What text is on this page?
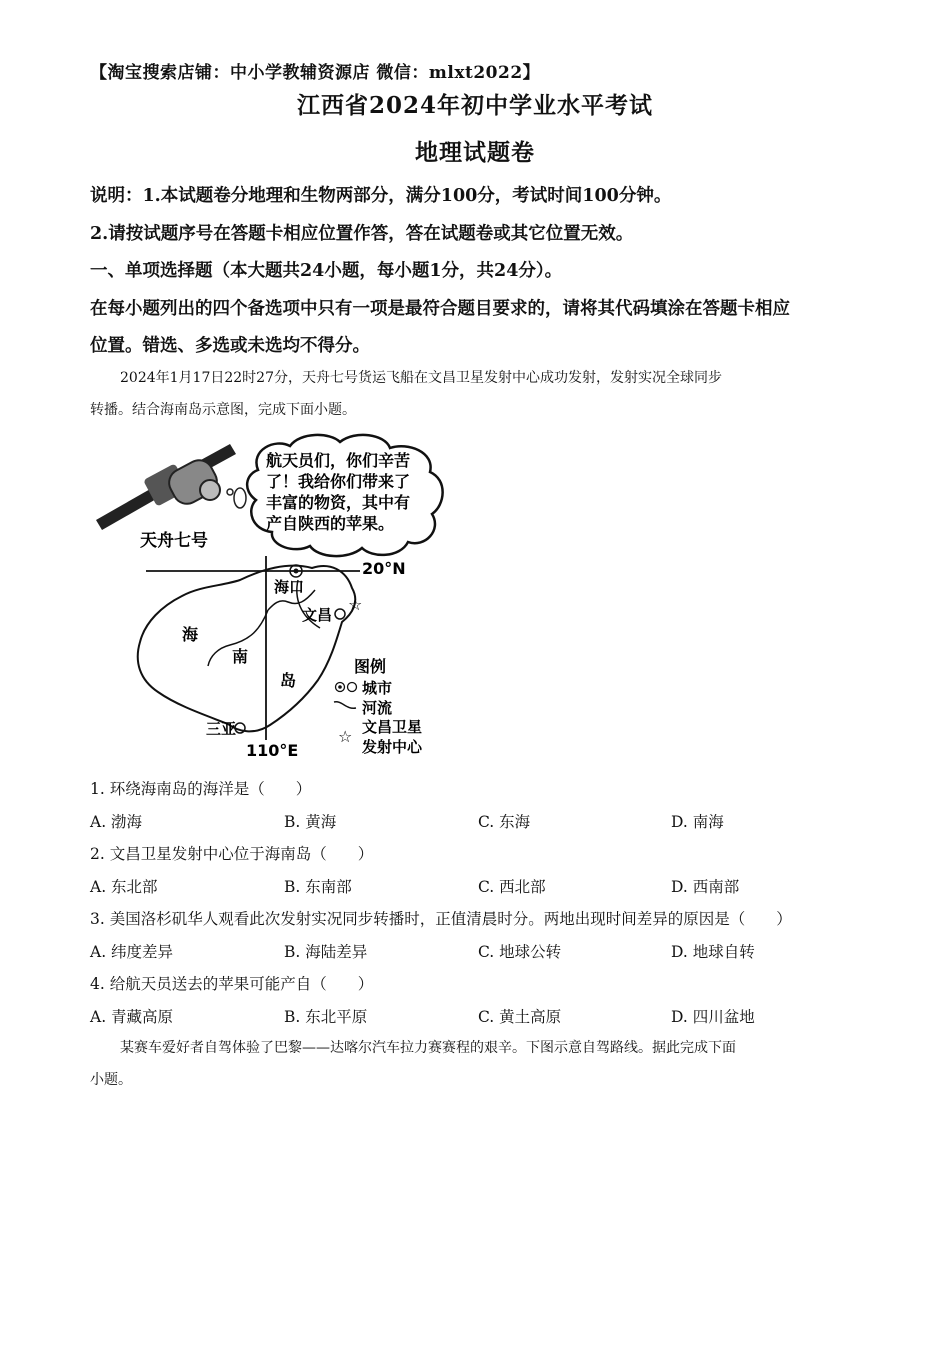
【淘宝搜索店铺：中小学教辅资源店 微信：mlxt2022】
江西省2024年初中学业水平考试
地理试题卷
说明：1.本试题卷分地理和生物两部分，满分100分，考试时间100分钟。
2.请按试题序号在答题卡相应位置作答，答在试题卷或其它位置无效。
一、单项选择题（本大题共24小题，每小题1分，共24分）。
在每小题列出的四个备选项中只有一项是最符合题目要求的，请将其代码填涂在答题卡相应
位置。错选、多选或未选均不得分。
2024年1月17日22时27分，天舟七号货运飞船在文昌卫星发射中心成功发射，发射实况全球同步
转播。结合海南岛示意图，完成下面小题。
天舟七号
航天员们，你们辛苦
了！我给你们带来了
丰富的物资，其中有
产自陕西的苹果。
20°N
110°E
海
南
岛
海口
文昌
☆
三亚
图例
城市
河流
☆ 文昌卫星
发射中心
1. 环绕海南岛的海洋是（　　）
A. 渤海	B. 黄海	C. 东海	D. 南海
2. 文昌卫星发射中心位于海南岛（　　）
A. 东北部	B. 东南部	C. 西北部	D. 西南部
3. 美国洛杉矶华人观看此次发射实况同步转播时，正值清晨时分。两地出现时间差异的原因是（　　）
A. 纬度差异	B. 海陆差异	C. 地球公转	D. 地球自转
4. 给航天员送去的苹果可能产自（　　）
A. 青藏高原	B. 东北平原	C. 黄土高原	D. 四川盆地
某赛车爱好者自驾体验了巴黎——达喀尔汽车拉力赛赛程的艰辛。下图示意自驾路线。据此完成下面
小题。
